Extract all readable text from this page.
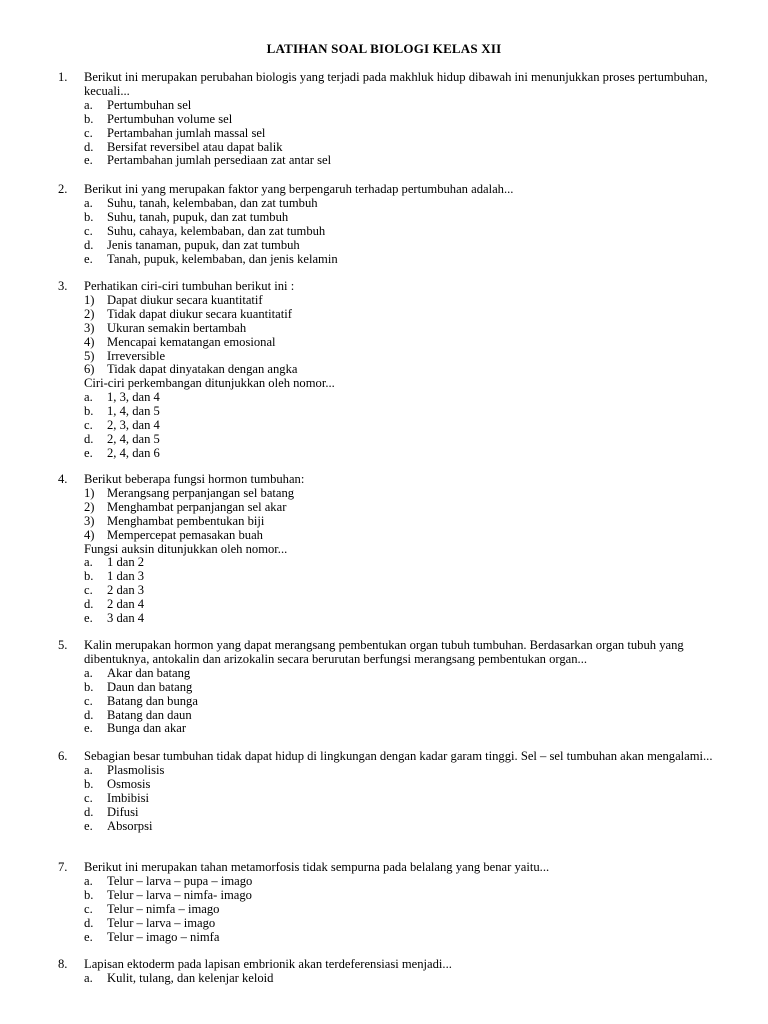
LATIHAN SOAL BIOLOGI KELAS XII
1.	Berikut ini merupakan perubahan biologis yang terjadi pada makhluk hidup dibawah ini menunjukkan proses pertumbuhan, kecuali...
a.	Pertumbuhan sel
b.	Pertumbuhan volume sel
c.	Pertambahan jumlah massal sel
d.	Bersifat reversibel atau dapat balik
e.	Pertambahan jumlah persediaan zat antar sel
2.	Berikut ini yang merupakan faktor yang berpengaruh terhadap pertumbuhan adalah...
a.	Suhu, tanah, kelembaban, dan zat tumbuh
b.	Suhu, tanah, pupuk, dan zat tumbuh
c.	Suhu, cahaya, kelembaban, dan zat tumbuh
d.	Jenis tanaman, pupuk, dan zat tumbuh
e.	Tanah, pupuk, kelembaban, dan jenis kelamin
3.	Perhatikan ciri-ciri tumbuhan berikut ini :
1) Dapat diukur secara kuantitatif
2) Tidak dapat diukur secara kuantitatif
3) Ukuran semakin bertambah
4) Mencapai kematangan emosional
5) Irreversible
6) Tidak dapat dinyatakan dengan angka
Ciri-ciri perkembangan ditunjukkan oleh nomor...
a.	1, 3, dan 4
b.	1, 4, dan 5
c.	2, 3, dan 4
d.	2, 4, dan 5
e.	2, 4, dan 6
4.	Berikut beberapa fungsi hormon tumbuhan:
1) Merangsang perpanjangan sel batang
2) Menghambat perpanjangan sel akar
3) Menghambat pembentukan biji
4) Mempercepat pemasakan buah
Fungsi auksin ditunjukkan oleh nomor...
a.	1 dan 2
b.	1 dan 3
c.	2 dan 3
d.	2 dan 4
e.	3 dan 4
5.	Kalin merupakan hormon yang dapat merangsang pembentukan organ tubuh tumbuhan. Berdasarkan organ tubuh yang dibentuknya, antokalin dan arizokalin secara berurutan berfungsi merangsang pembentukan organ...
a.	Akar dan batang
b.	Daun dan batang
c.	Batang dan bunga
d.	Batang dan daun
e.	Bunga dan akar
6.	Sebagian besar tumbuhan tidak dapat hidup di lingkungan dengan kadar garam tinggi. Sel – sel tumbuhan akan mengalami...
a.	Plasmolisis
b.	Osmosis
c.	Imbibisi
d.	Difusi
e.	Absorpsi
7.	Berikut ini merupakan tahan metamorfosis tidak sempurna pada belalang yang benar yaitu...
a.	Telur – larva – pupa – imago
b.	Telur – larva – nimfa- imago
c.	Telur – nimfa – imago
d.	Telur – larva – imago
e.	Telur – imago – nimfa
8.	Lapisan ektoderm pada lapisan embrionik akan terdeferensiasi menjadi...
a.	Kulit, tulang, dan kelenjar keloid
